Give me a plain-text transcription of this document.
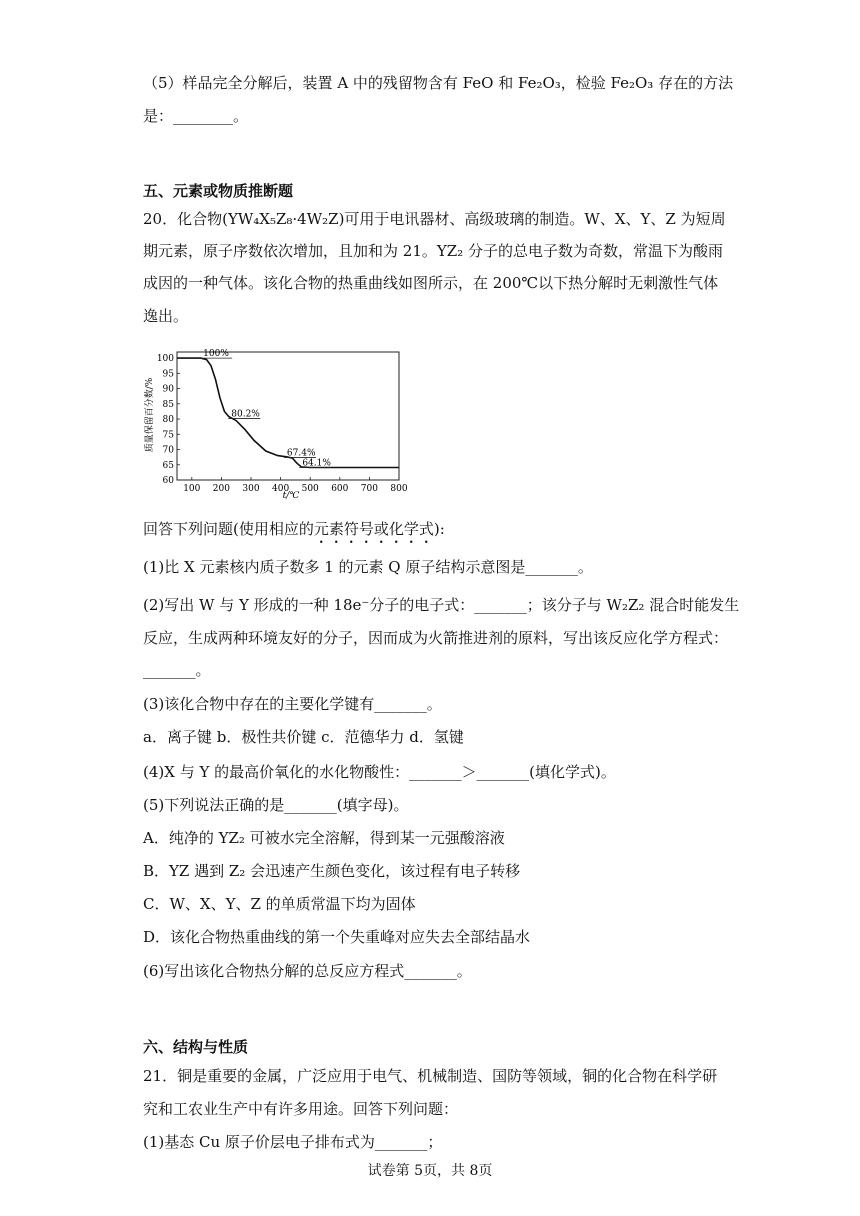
（5）样品完全分解后，装置 A 中的残留物含有 FeO 和 Fe₂O₃，检验 Fe₂O₃ 存在的方法
是：________。
五、元素或物质推断题
20．化合物(YW₄X₅Z₈·4W₂Z)可用于电讯器材、高级玻璃的制造。W、X、Y、Z 为短周
期元素，原子序数依次增加，且加和为 21。YZ₂ 分子的总电子数为奇数，常温下为酸雨
成因的一种气体。该化合物的热重曲线如图所示，在 200℃以下热分解时无刺激性气体
逸出。
60
65
70
75
80
85
90
95
100
100 200 300 400 500 600 700 800
100%
80.2%
67.4%
64.1%
t/℃
质量保留百分数/%
回答下列问题(使用相应的元素符号或化学式):
(1)比 X 元素核内质子数多 1 的元素 Q 原子结构示意图是_______。
(2)写出 W 与 Y 形成的一种 18e⁻分子的电子式：_______；该分子与 W₂Z₂ 混合时能发生
反应，生成两种环境友好的分子，因而成为火箭推进剂的原料，写出该反应化学方程式：
_______。
(3)该化合物中存在的主要化学键有_______。
a．离子键 b．极性共价键 c．范德华力 d．氢键
(4)X 与 Y 的最高价氧化的水化物酸性：_______＞_______(填化学式)。
(5)下列说法正确的是_______(填字母)。
A．纯净的 YZ₂ 可被水完全溶解，得到某一元强酸溶液
B．YZ 遇到 Z₂ 会迅速产生颜色变化，该过程有电子转移
C．W、X、Y、Z 的单质常温下均为固体
D．该化合物热重曲线的第一个失重峰对应失去全部结晶水
(6)写出该化合物热分解的总反应方程式_______。
六、结构与性质
21．铜是重要的金属，广泛应用于电气、机械制造、国防等领域，铜的化合物在科学研
究和工农业生产中有许多用途。回答下列问题：
(1)基态 Cu 原子价层电子排布式为_______；
试卷第 5页，共 8页
